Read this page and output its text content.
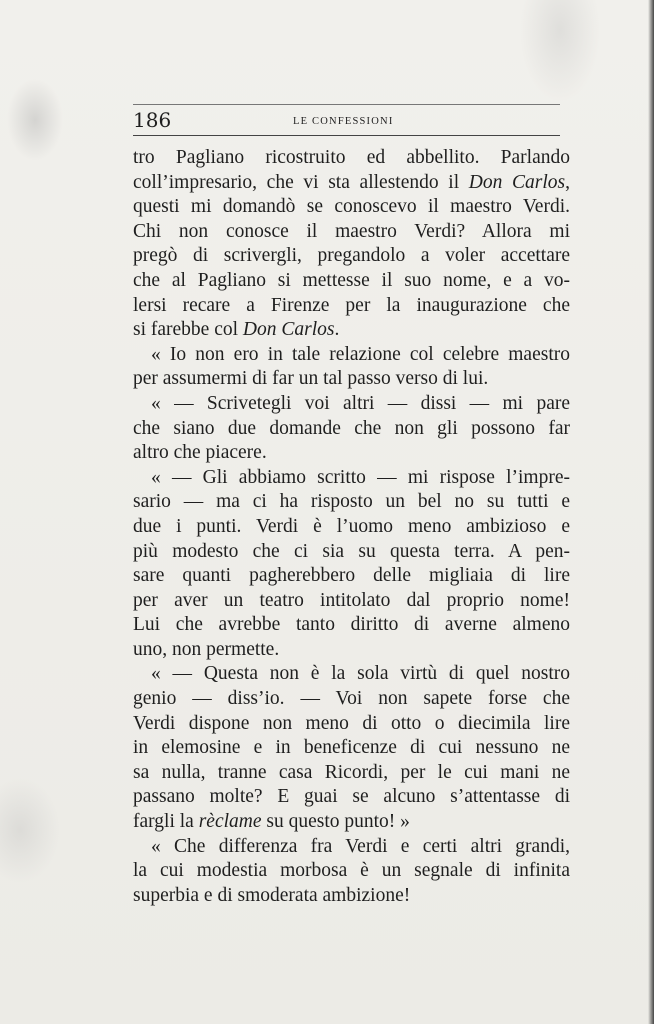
186	LE CONFESSIONI
tro Pagliano ricostruito ed abbellito. Parlando
coll’impresario, che vi sta allestendo il Don Carlos,
questi mi domandò se conoscevo il maestro Verdi.
Chi non conosce il maestro Verdi? Allora mi
pregò di scrivergli, pregandolo a voler accettare
che al Pagliano si mettesse il suo nome, e a vo-
lersi recare a Firenze per la inaugurazione che
si farebbe col Don Carlos.
« Io non ero in tale relazione col celebre maestro
per assumermi di far un tal passo verso di lui.
« — Scrivetegli voi altri — dissi — mi pare
che siano due domande che non gli possono far
altro che piacere.
« — Gli abbiamo scritto — mi rispose l’impre-
sario — ma ci ha risposto un bel no su tutti e
due i punti. Verdi è l’uomo meno ambizioso e
più modesto che ci sia su questa terra. A pen-
sare quanti pagherebbero delle migliaia di lire
per aver un teatro intitolato dal proprio nome!
Lui che avrebbe tanto diritto di averne almeno
uno, non permette.
« — Questa non è la sola virtù di quel nostro
genio — diss’io. — Voi non sapete forse che
Verdi dispone non meno di otto o diecimila lire
in elemosine e in beneficenze di cui nessuno ne
sa nulla, tranne casa Ricordi, per le cui mani ne
passano molte? E guai se alcuno s’attentasse di
fargli la rèclame su questo punto! »
« Che differenza fra Verdi e certi altri grandi,
la cui modestia morbosa è un segnale di infinita
superbia e di smoderata ambizione!
